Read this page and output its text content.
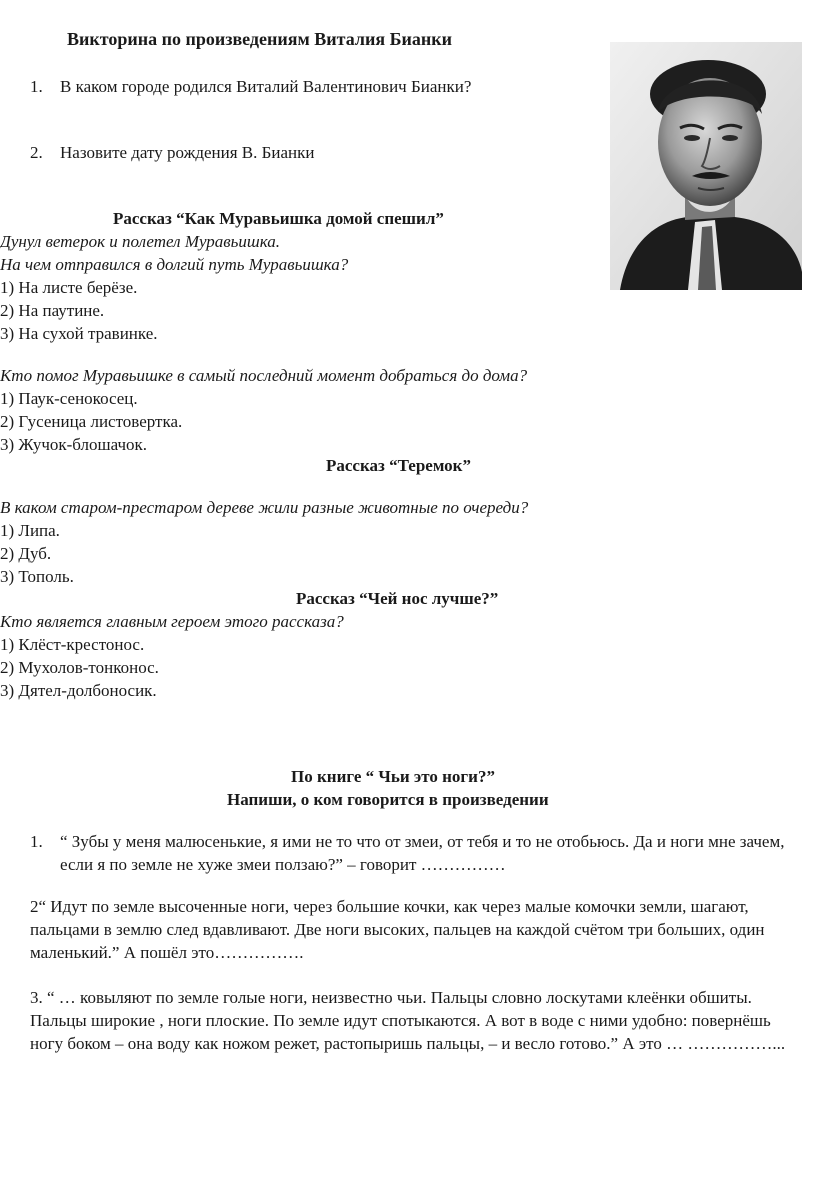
Викторина по произведениям Виталия Бианки
1. В каком городе родился Виталий Валентинович Бианки?
2. Назовите дату рождения В. Бианки
Рассказ “Как Муравьишка домой спешил”
Дунул ветерок и полетел Муравьишка.
На чем отправился в долгий путь Муравьишка?
1) На листе берёзе.
2) На паутине.
3) На сухой травинке.
Кто помог Муравьишке в самый последний момент добраться до дома?
1) Паук-сенокосец.
2) Гусеница листовертка.
3) Жучок-блошачок.
Рассказ “Теремок”
В каком старом-престаром дереве жили разные животные по очереди?
1) Липа.
2) Дуб.
3) Тополь.
Рассказ “Чей нос лучше?”
Кто является главным героем этого рассказа?
1) Клёст-крестонос.
2) Мухолов-тонконос.
3) Дятел-долбоносик.
По книге “ Чьи это ноги?”
Напиши, о ком говорится в произведении
1. “ Зубы у меня малюсенькие, я ими не то что от змеи, от тебя и то не отобьюсь. Да и ноги мне зачем, если я по земле не хуже змеи ползаю?” – говорит ……………
2“ Идут по земле высоченные ноги, через большие кочки, как через малые комочки земли, шагают, пальцами в землю след вдавливают. Две ноги высоких, пальцев на каждой счётом три больших, один маленький.” А пошёл это…………….
3. “ … ковыляют по земле голые ноги, неизвестно чьи. Пальцы словно лоскутами клеёнки обшиты. Пальцы широкие , ноги плоские. По земле идут спотыкаются. А вот в воде с ними удобно: повернёшь ногу боком – она воду как ножом режет, растопыришь пальцы, – и весло готово.” А это … ……………...
